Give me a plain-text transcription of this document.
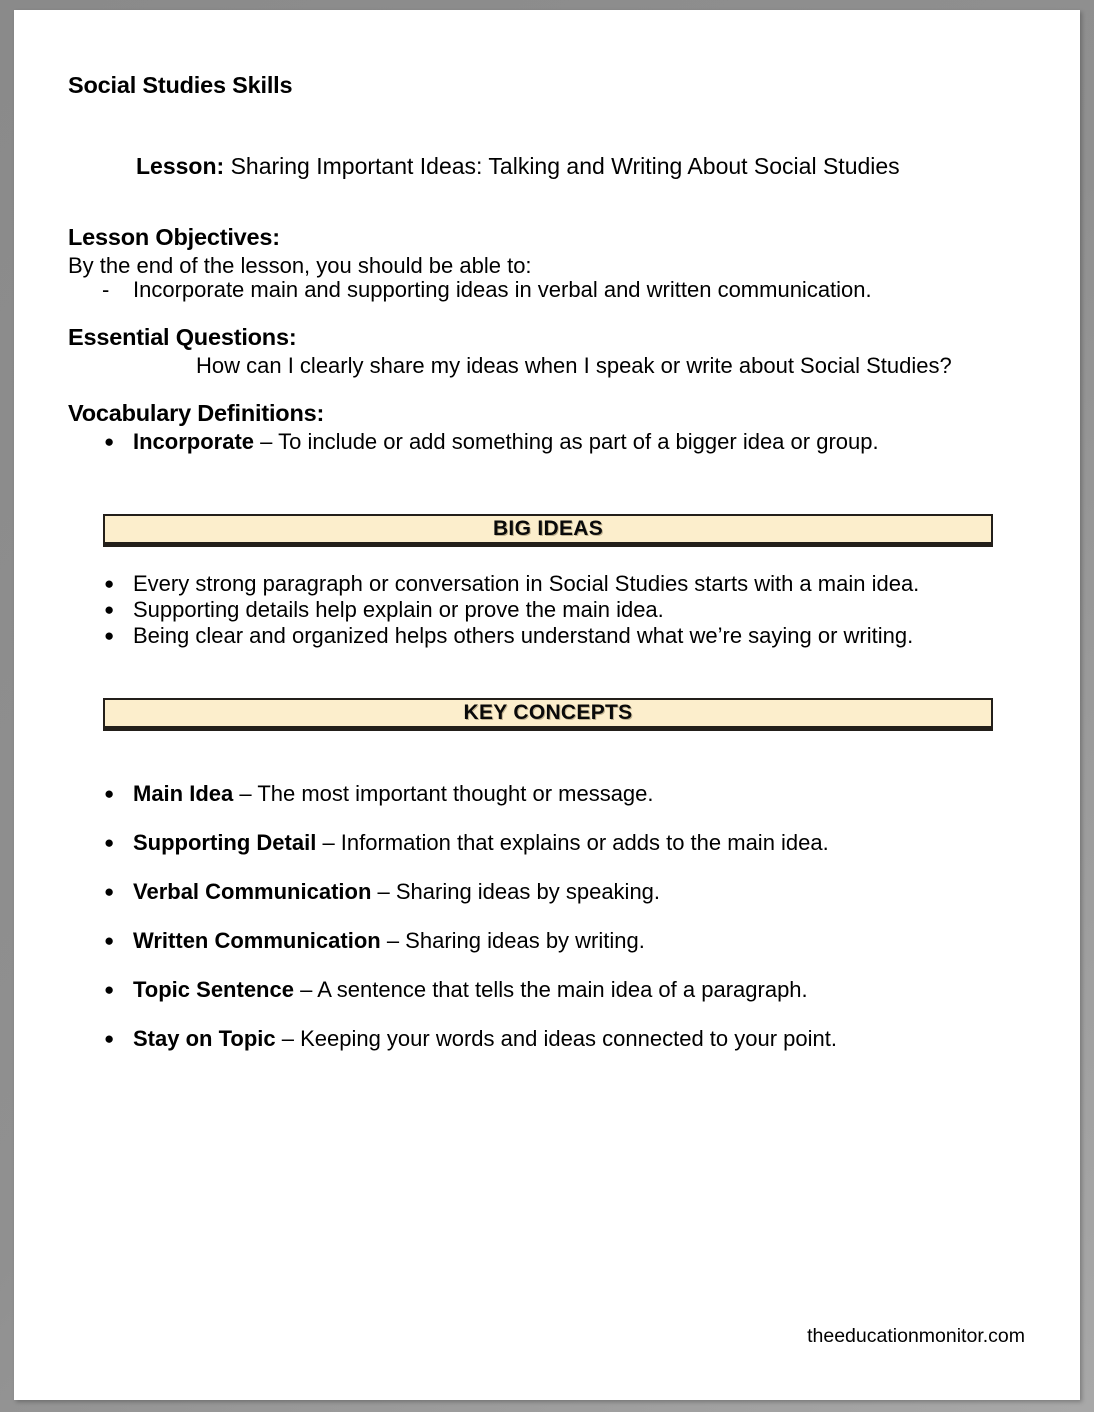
Social Studies Skills
Lesson: Sharing Important Ideas: Talking and Writing About Social Studies
Lesson Objectives:
By the end of the lesson, you should be able to:
- Incorporate main and supporting ideas in verbal and written communication.
Essential Questions:
How can I clearly share my ideas when I speak or write about Social Studies?
Vocabulary Definitions:
● Incorporate – To include or add something as part of a bigger idea or group.
BIG IDEAS
● Every strong paragraph or conversation in Social Studies starts with a main idea.
● Supporting details help explain or prove the main idea.
● Being clear and organized helps others understand what we’re saying or writing.
KEY CONCEPTS
● Main Idea – The most important thought or message.
● Supporting Detail – Information that explains or adds to the main idea.
● Verbal Communication – Sharing ideas by speaking.
● Written Communication – Sharing ideas by writing.
● Topic Sentence – A sentence that tells the main idea of a paragraph.
● Stay on Topic – Keeping your words and ideas connected to your point.
theeducationmonitor.com
